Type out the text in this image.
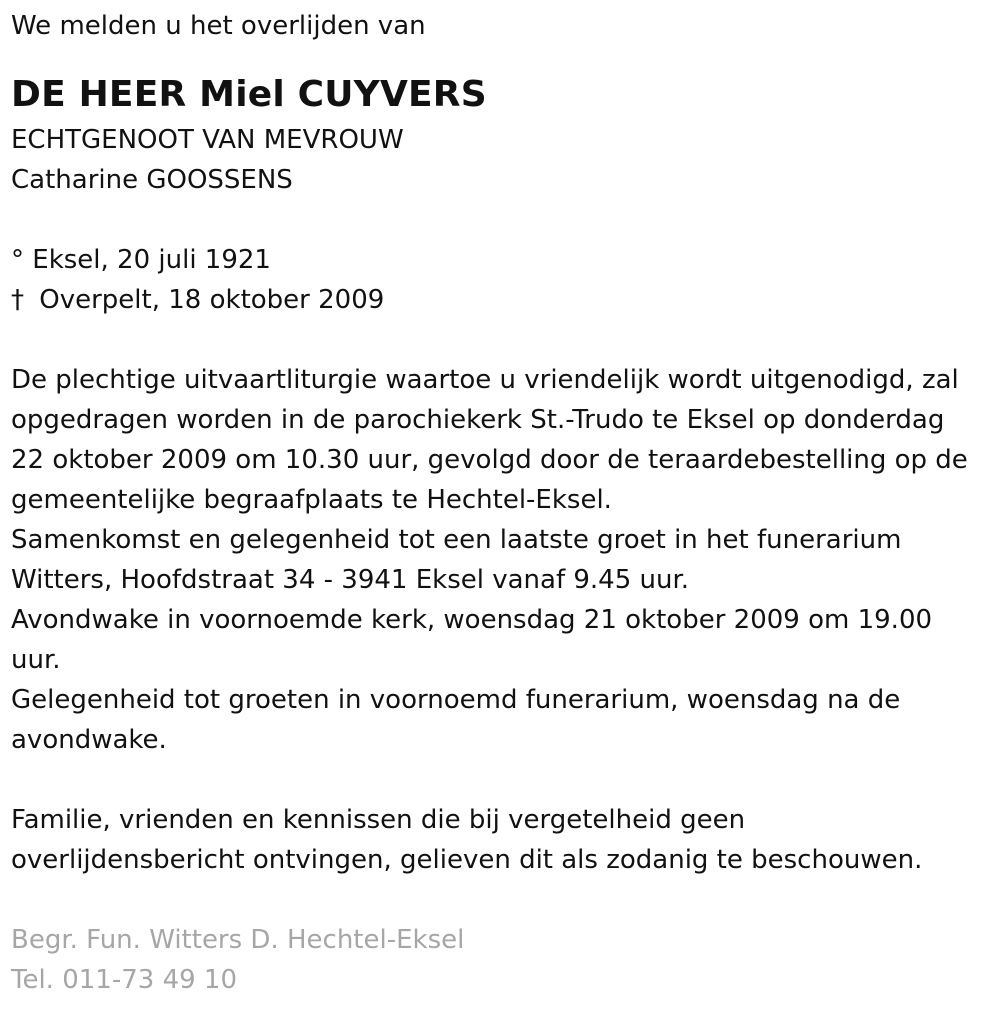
We melden u het overlijden van
DE HEER Miel CUYVERS
ECHTGENOOT VAN MEVROUW
Catharine GOOSSENS
° Eksel, 20 juli 1921
† Overpelt, 18 oktober 2009
De plechtige uitvaartliturgie waartoe u vriendelijk wordt uitgenodigd, zal
opgedragen worden in de parochiekerk St.-Trudo te Eksel op donderdag
22 oktober 2009 om 10.30 uur, gevolgd door de teraardebestelling op de
gemeentelijke begraafplaats te Hechtel-Eksel.
Samenkomst en gelegenheid tot een laatste groet in het funerarium
Witters, Hoofdstraat 34 - 3941 Eksel vanaf 9.45 uur.
Avondwake in voornoemde kerk, woensdag 21 oktober 2009 om 19.00
uur.
Gelegenheid tot groeten in voornoemd funerarium, woensdag na de
avondwake.
Familie, vrienden en kennissen die bij vergetelheid geen
overlijdensbericht ontvingen, gelieven dit als zodanig te beschouwen.
Begr. Fun. Witters D. Hechtel-Eksel
Tel. 011-73 49 10
